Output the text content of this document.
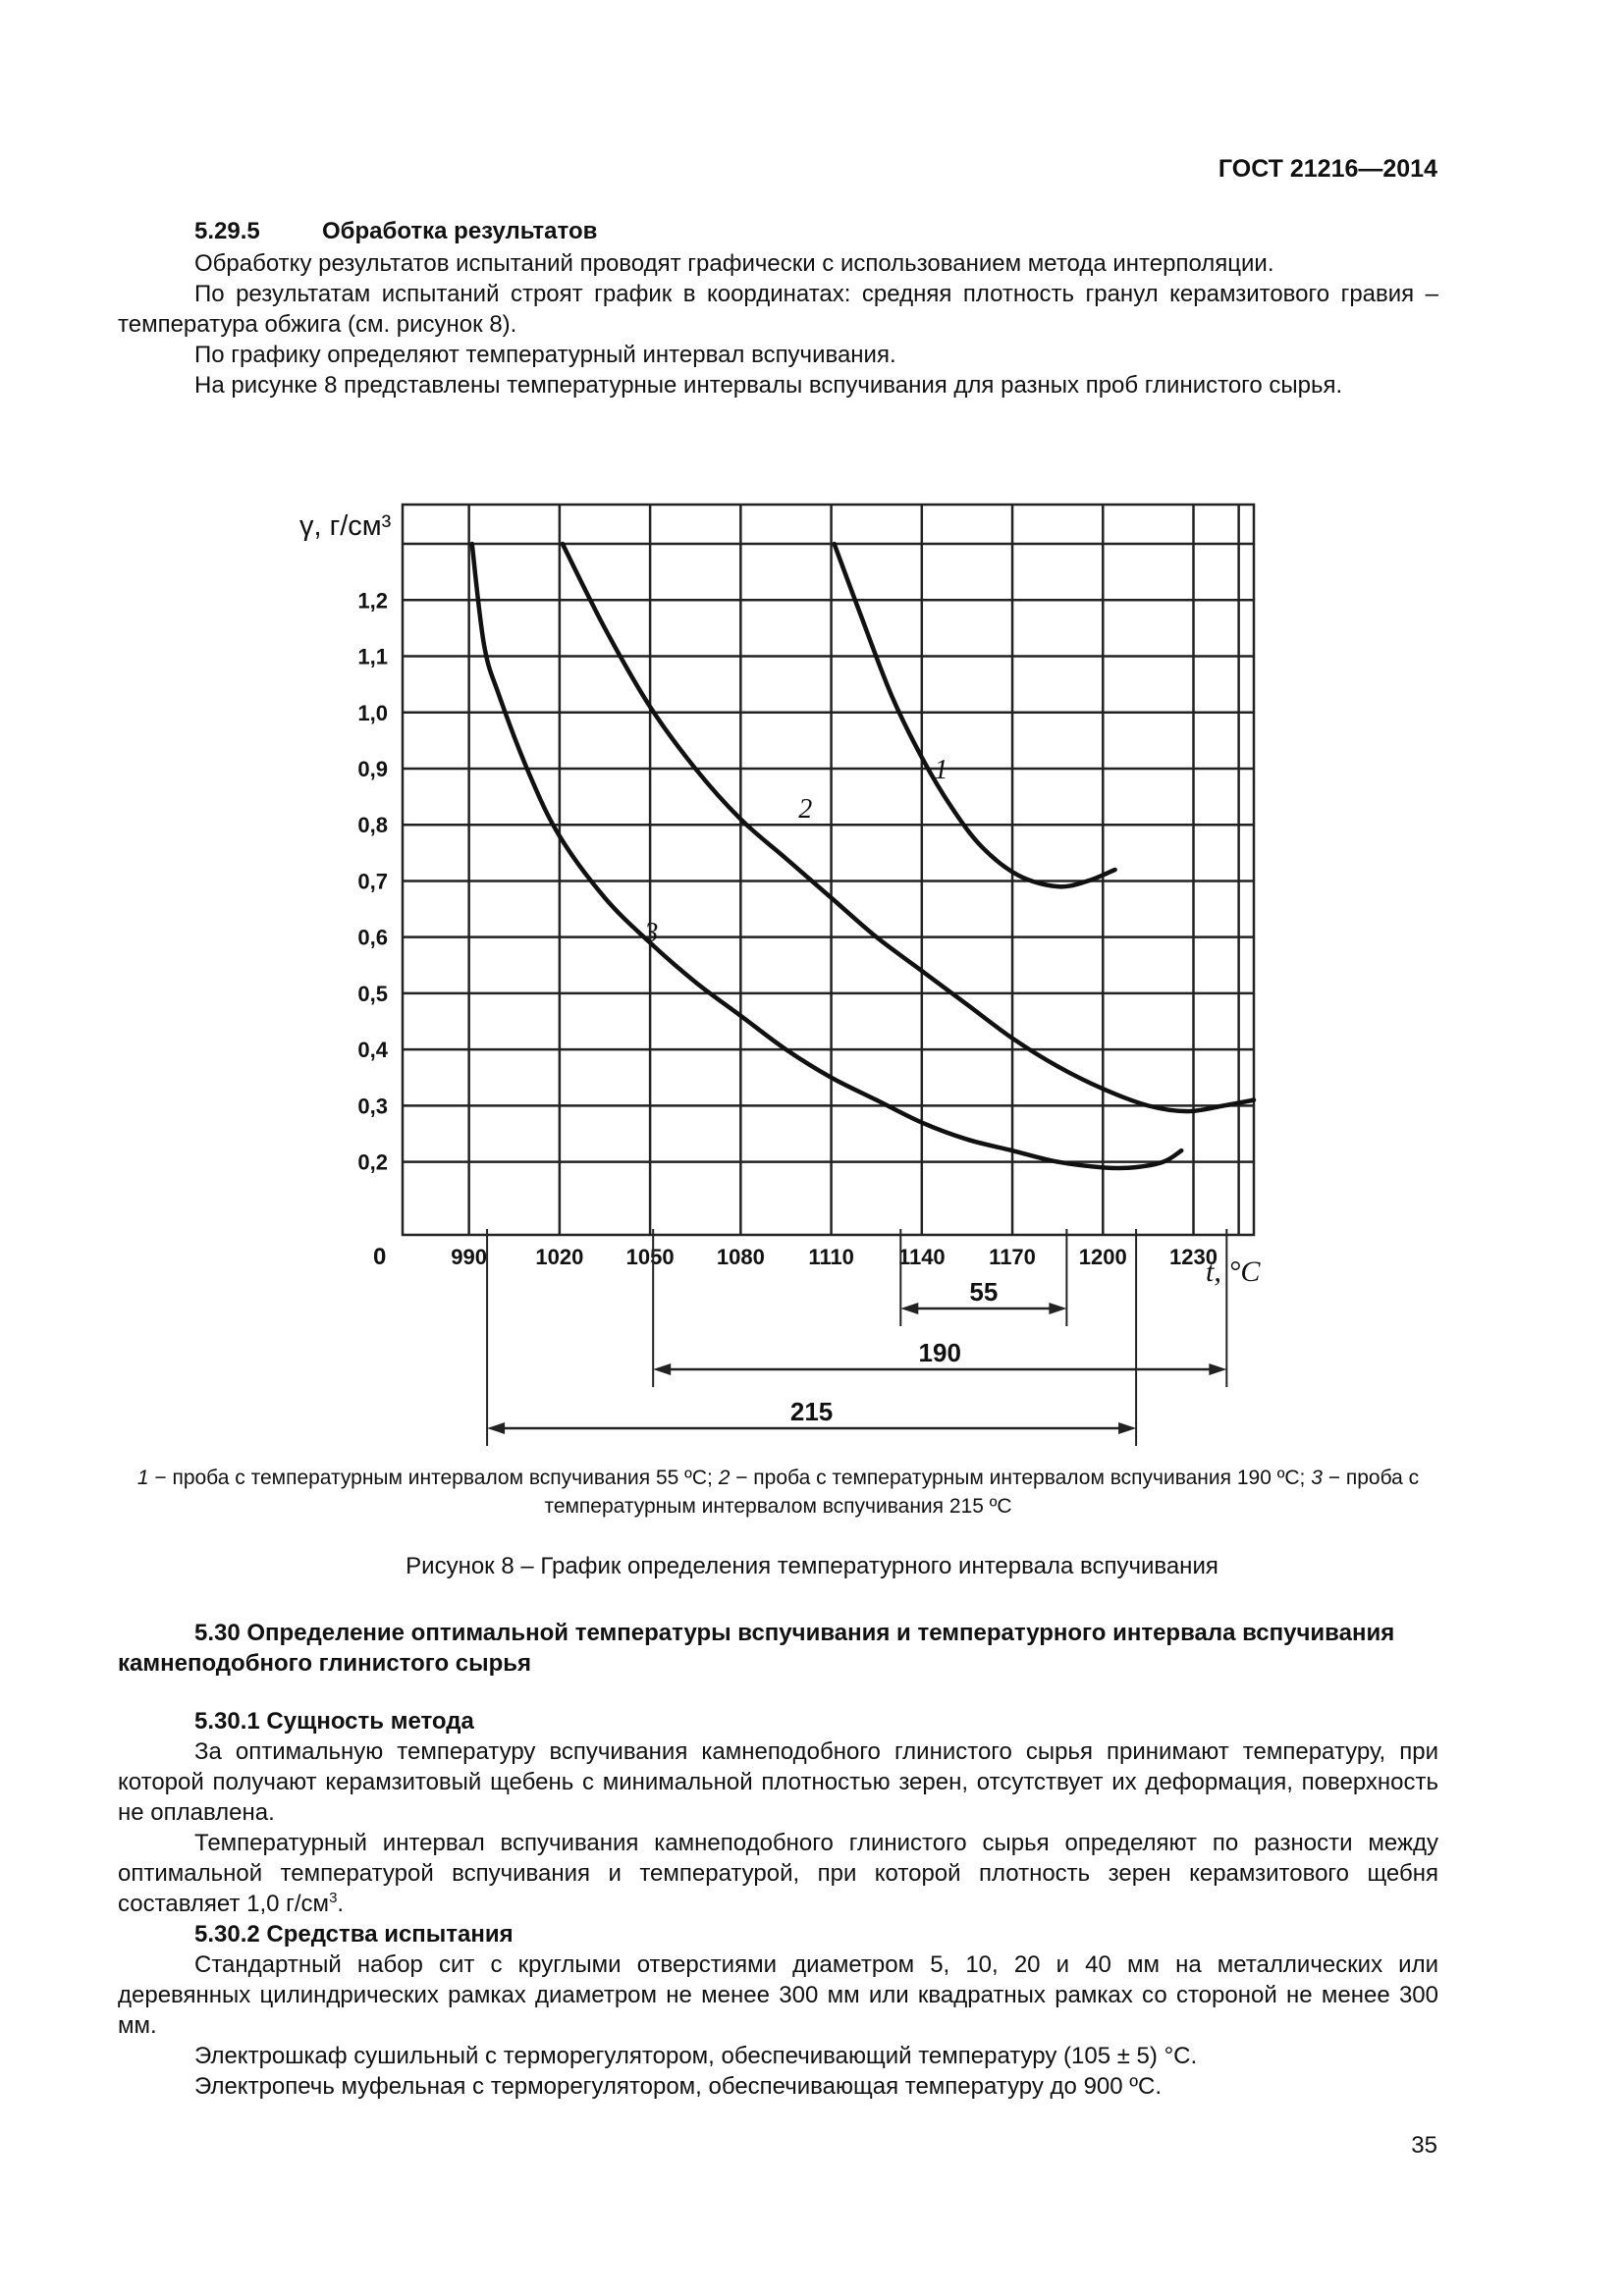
ГОСТ 21216—2014
5.29.5	Обработка результатов

Обработку результатов испытаний проводят графически с использованием метода интерполяции.

По результатам испытаний строят график в координатах: средняя плотность гранул керамзитового гравия – температура обжига (см. рисунок 8).

По графику определяют температурный интервал вспучивания.

На рисунке 8 представлены температурные интервалы вспучивания для разных проб глинистого сырья.

0,2
0,3
0,4
0,5
0,6
0,7
0,8
0,9
1,0
1,1
1,2
990 1020 1050 1080 1110 1140 1170 1200 1230
1
2
3
55
190
215
γ, г/см³
t, °C
0
1 − проба с температурным интервалом вспучивания 55 ºС; 2 − проба с температурным интервалом вспучивания 190 ºС; 3 − проба с температурным интервалом вспучивания 215 ºС
Рисунок 8 – График определения температурного интервала вспучивания

5.30 Определение оптимальной температуры вспучивания и температурного интервала вспучивания камнеподобного глинистого сырья

5.30.1 Сущность метода

За оптимальную температуру вспучивания камнеподобного глинистого сырья принимают температуру, при которой получают керамзитовый щебень с минимальной плотностью зерен, отсутствует их деформация, поверхность не оплавлена.

Температурный интервал вспучивания камнеподобного глинистого сырья определяют по разности между оптимальной температурой вспучивания и температурой, при которой плотность зерен керамзитового щебня составляет 1,0 $г/см^3$.

5.30.2 Средства испытания

Стандартный набор сит с круглыми отверстиями диаметром 5, 10, 20 и 40 мм на металлических или деревянных цилиндрических рамках диаметром не менее 300 мм или квадратных рамках со стороной не менее 300 мм.

Электрошкаф сушильный с терморегулятором, обеспечивающий температуру (105 ± 5) °С.

Электропечь муфельная с терморегулятором, обеспечивающая температуру до 900 ºС.

35
